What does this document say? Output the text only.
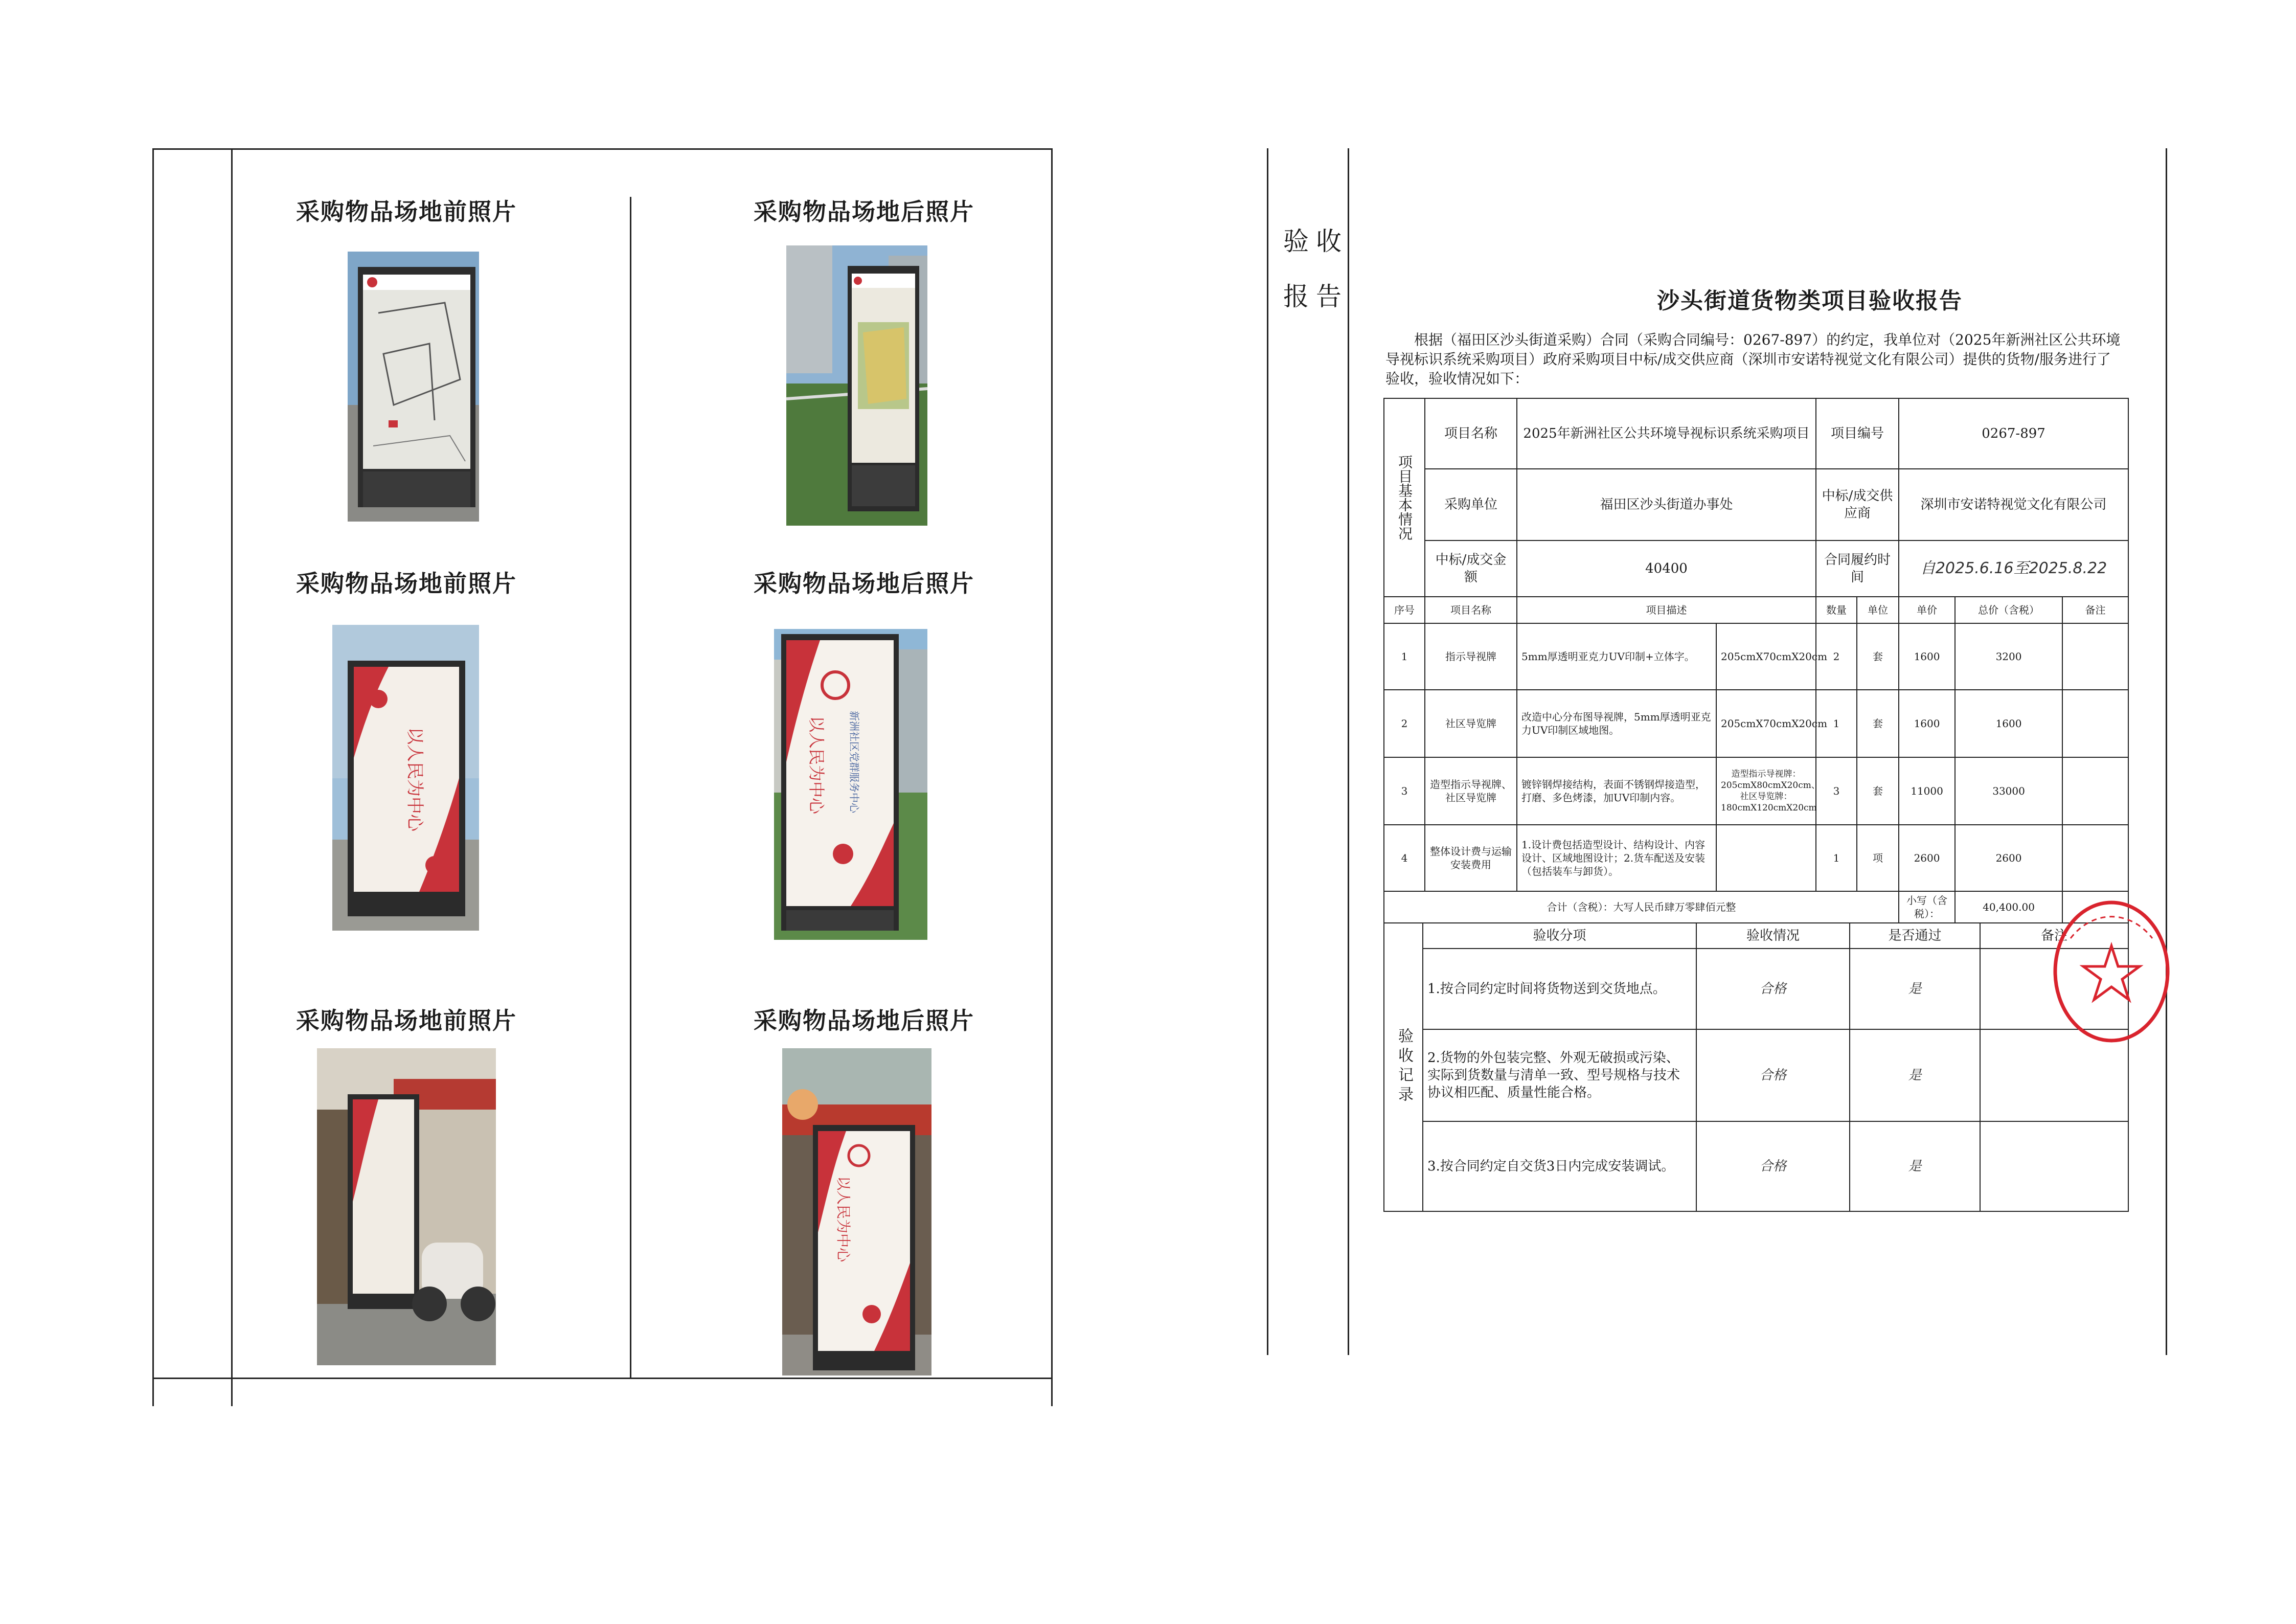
采购物品场地前照片	采购物品场地后照片
采购物品场地前照片	采购物品场地后照片
采购物品场地前照片	采购物品场地后照片
以人民为中心	以人民为中心 新洲社区党群服务中心
以人民为中心
验收
报告	沙头街道货物类项目验收报告
根据（福田区沙头街道采购）合同（采购合同编号：0267-897）的约定，我单位对（2025年新洲社区公共环境导视标识系统采购项目）政府采购项目中标/成交供应商（深圳市安诺特视觉文化有限公司）提供的货物/服务进行了验收，验收情况如下：
项目基本情况	项目名称	2025年新洲社区公共环境导视标识系统采购项目		项目编号		0267-897		
	采购单位	福田区沙头街道办事处		中标/成交供应商		深圳市安诺特视觉文化有限公司		
	中标/成交金额	40400		合同履约时间		自2025.6.16至2025.8.22		
序号	项目名称	项目描述		数量	单位	单价	总价（含税）	备注
1	指示导视牌	5mm厚透明亚克力UV印制+立体字。	205cmX70cmX20cm	2	套	1600	3200	
2	社区导览牌	改造中心分布图导视牌，5mm厚透明亚克力UV印制区域地图。	205cmX70cmX20cm	1	套	1600	1600	
3	造型指示导视牌、社区导览牌	镀锌钢焊接结构，表面不锈钢焊接造型，打磨、多色烤漆，加UV印制内容。	造型指示导视牌：205cmX80cmX20cm、社区导览牌：180cmX120cmX20cm	3	套	11000	33000	
4	整体设计费与运输安装费用	1.设计费包括造型设计、结构设计、内容设计、区域地图设计；2.货车配送及安装（包括装车与卸货）。		1	项	2600	2600	
合计（含税）：大写人民币肆万零肆佰元整						小写（含税）：	40,400.00	
验收分项	验收情况	是否通过	备注
1.按合同约定时间将货物送到交货地点。	合格	是	
2.货物的外包装完整、外观无破损或污染、实际到货数量与清单一致、型号规格与技术协议相匹配、质量性能合格。	合格	是	
3.按合同约定自交货3日内完成安装调试。	合格	是	
验收记录
